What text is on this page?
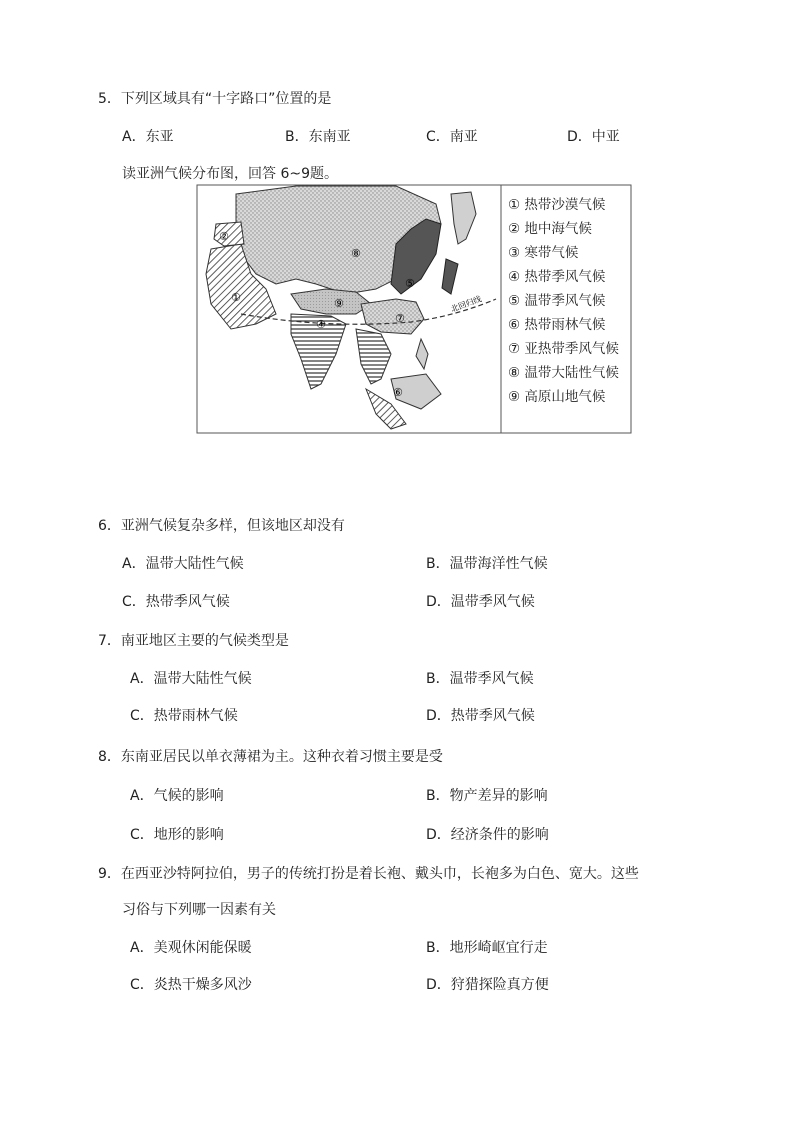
5．下列区域具有“十字路口”位置的是
A．东亚	B．东南亚	C．南亚	D．中亚
读亚洲气候分布图，回答 6~9题。
①
②
④
⑤
⑥
⑦
⑧
⑨	北回归线
① 热带沙漠气候
② 地中海气候
③ 寒带气候
④ 热带季风气候
⑤ 温带季风气候
⑥ 热带雨林气候
⑦ 亚热带季风气候
⑧ 温带大陆性气候
⑨ 高原山地气候
6．亚洲气候复杂多样，但该地区却没有
A．温带大陆性气候	B．温带海洋性气候
C．热带季风气候	D．温带季风气候
7．南亚地区主要的气候类型是
A．温带大陆性气候	B．温带季风气候
C．热带雨林气候	D．热带季风气候
8．东南亚居民以单衣薄裙为主。这种衣着习惯主要是受
A．气候的影响	B．物产差异的影响
C．地形的影响	D．经济条件的影响
9．在西亚沙特阿拉伯，男子的传统打扮是着长袍、戴头巾，长袍多为白色、宽大。这些
习俗与下列哪一因素有关
A．美观休闲能保暖	B．地形崎岖宜行走
C．炎热干燥多风沙	D．狩猎探险真方便
